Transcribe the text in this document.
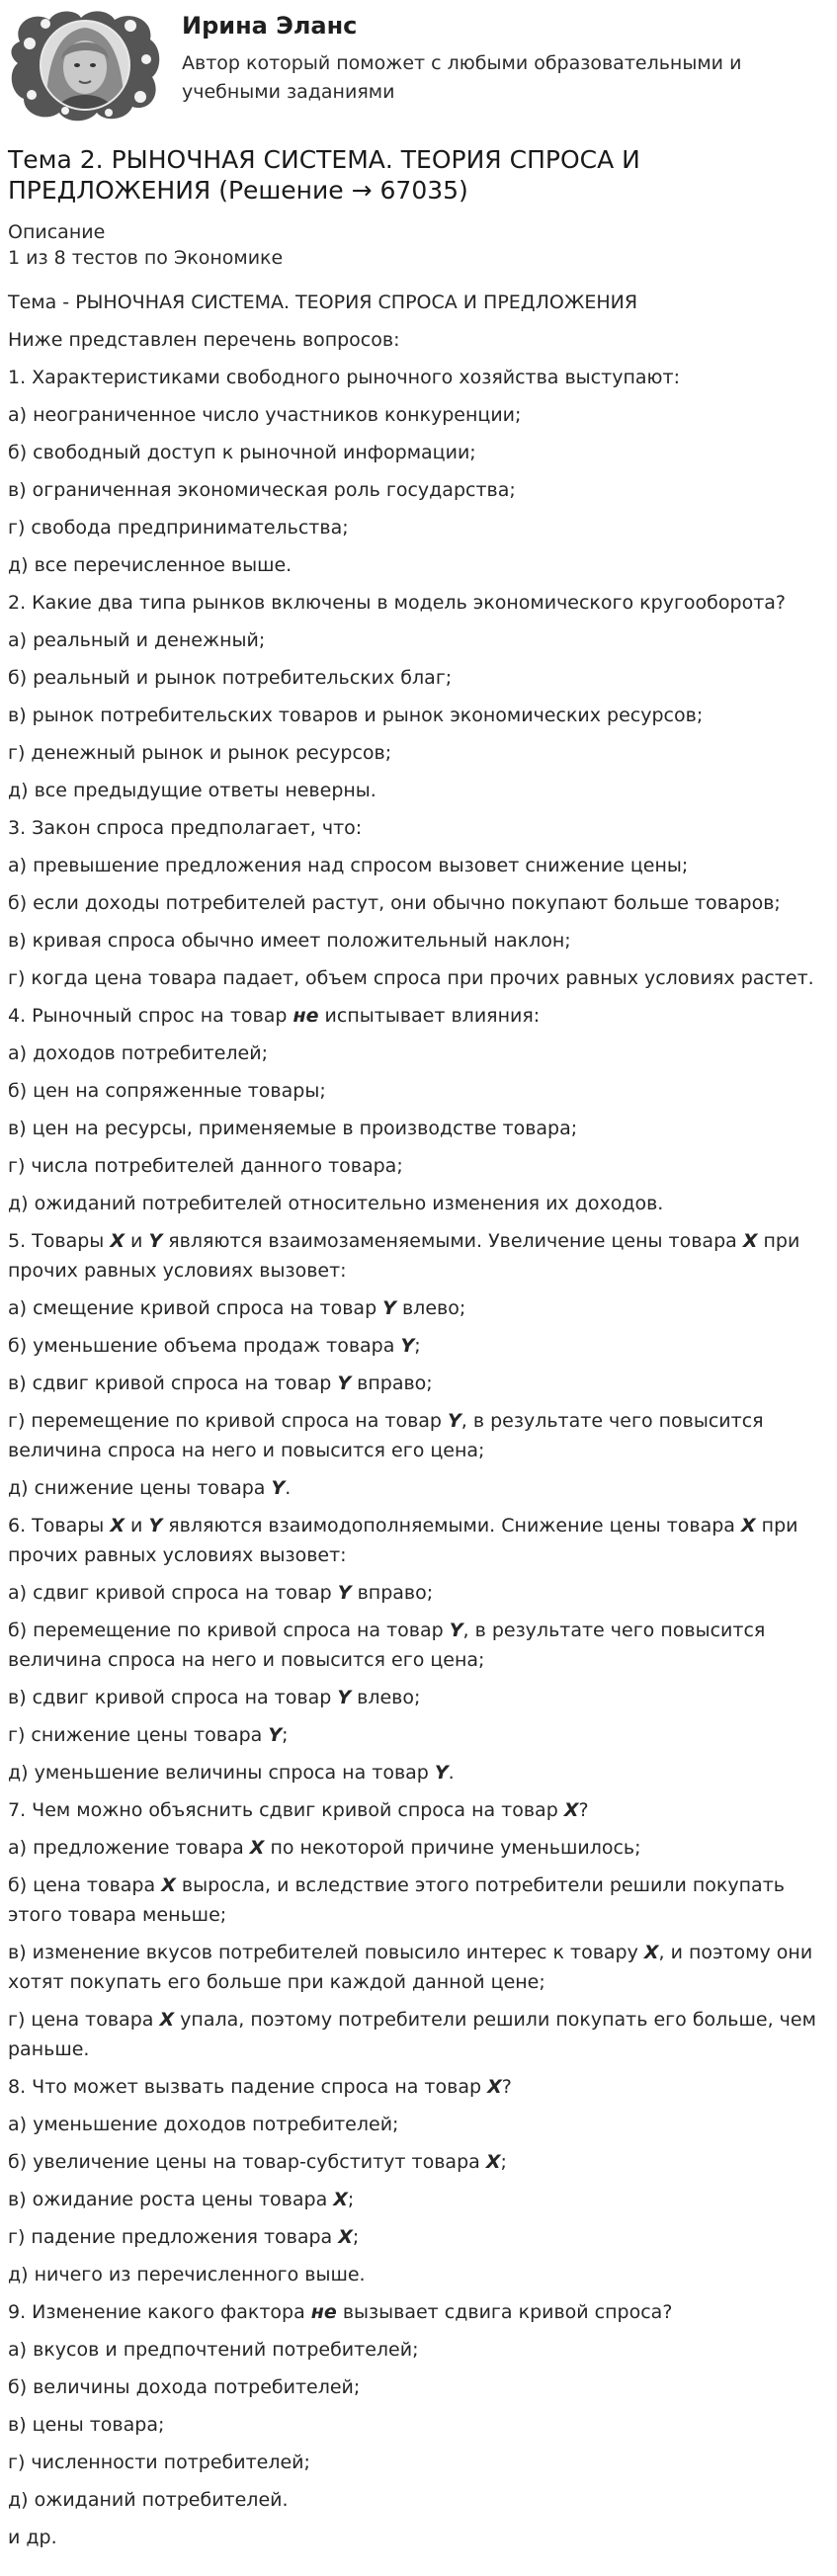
Ирина Эланс
Автор который поможет с любыми образовательными и учебными заданиями
Тема 2. РЫНОЧНАЯ СИСТЕМА. ТЕОРИЯ СПРОСА И ПРЕДЛОЖЕНИЯ (Решение → 67035)
Описание
1 из 8 тестов по Экономике
Тема - РЫНОЧНАЯ СИСТЕМА. ТЕОРИЯ СПРОСА И ПРЕДЛОЖЕНИЯ
Ниже представлен перечень вопросов:
1. Характеристиками свободного рыночного хозяйства выступают:
а) неограниченное число участников конкуренции;
б) свободный доступ к рыночной информации;
в) ограниченная экономическая роль государства;
г) свобода предпринимательства;
д) все перечисленное выше.
2. Какие два типа рынков включены в модель экономического кругооборота?
а) реальный и денежный;
б) реальный и рынок потребительских благ;
в) рынок потребительских товаров и рынок экономических ресурсов;
г) денежный рынок и рынок ресурсов;
д) все предыдущие ответы неверны.
3. Закон спроса предполагает, что:
а) превышение предложения над спросом вызовет снижение цены;
б) если доходы потребителей растут, они обычно покупают больше товаров;
в) кривая спроса обычно имеет положительный наклон;
г) когда цена товара падает, объем спроса при прочих равных условиях растет.
4. Рыночный спрос на товар не испытывает влияния:
а) доходов потребителей;
б) цен на сопряженные товары;
в) цен на ресурсы, применяемые в производстве товара;
г) числа потребителей данного товара;
д) ожиданий потребителей относительно изменения их доходов.
5. Товары X и Y являются взаимозаменяемыми. Увеличение цены товара X при прочих равных условиях вызовет:
а) смещение кривой спроса на товар Y влево;
б) уменьшение объема продаж товара Y;
в) сдвиг кривой спроса на товар Y вправо;
г) перемещение по кривой спроса на товар Y, в результате чего повысится величина спроса на него и повысится его цена;
д) снижение цены товара Y.
6. Товары X и Y являются взаимодополняемыми. Снижение цены товара X при прочих равных условиях вызовет:
а) сдвиг кривой спроса на товар Y вправо;
б) перемещение по кривой спроса на товар Y, в результате чего повысится величина спроса на него и повысится его цена;
в) сдвиг кривой спроса на товар Y влево;
г) снижение цены товара Y;
д) уменьшение величины спроса на товар Y.
7. Чем можно объяснить сдвиг кривой спроса на товар X?
а) предложение товара X по некоторой причине уменьшилось;
б) цена товара X выросла, и вследствие этого потребители решили покупать этого товара меньше;
в) изменение вкусов потребителей повысило интерес к товару X, и поэтому они хотят покупать его больше при каждой данной цене;
г) цена товара X упала, поэтому потребители решили покупать его больше, чем раньше.
8. Что может вызвать падение спроса на товар X?
а) уменьшение доходов потребителей;
б) увеличение цены на товар-субститут товара X;
в) ожидание роста цены товара X;
г) падение предложения товара X;
д) ничего из перечисленного выше.
9. Изменение какого фактора не вызывает сдвига кривой спроса?
а) вкусов и предпочтений потребителей;
б) величины дохода потребителей;
в) цены товара;
г) численности потребителей;
д) ожиданий потребителей.
и др.
